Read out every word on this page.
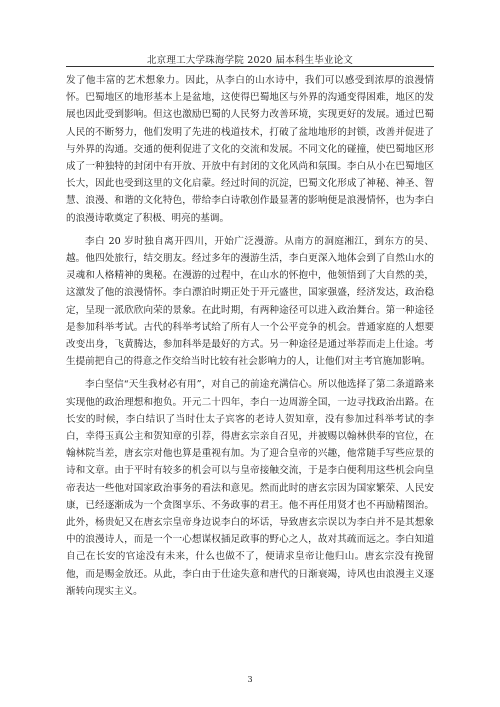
北京理工大学珠海学院 2020 届本科生毕业论文

发了他丰富的艺术想象力。因此，从李白的山水诗中，我们可以感受到浓厚的浪漫情怀。巴蜀地区的地形基本上是盆地，这使得巴蜀地区与外界的沟通变得困难，地区的发展也因此受到影响。但这也激励巴蜀的人民努力改善环境，实现更好的发展。通过巴蜀人民的不断努力，他们发明了先进的栈道技术，打破了盆地地形的封锁，改善并促进了与外界的沟通。交通的便利促进了文化的交流和发展。不同文化的碰撞，使巴蜀地区形成了一种独特的封闭中有开放、开放中有封闭的文化风尚和氛围。李白从小在巴蜀地区长大，因此也受到这里的文化启蒙。经过时间的沉淀，巴蜀文化形成了神秘、神圣、智慧、浪漫、和谐的文化特色，带给李白诗歌创作最显著的影响便是浪漫情怀，也为李白的浪漫诗歌奠定了积极、明亮的基调。

李白 20 岁时独自离开四川，开始广泛漫游。从南方的洞庭湘江，到东方的吴、越。他四处旅行，结交朋友。经过多年的漫游生活，李白更深入地体会到了自然山水的灵魂和人格精神的奥秘。在漫游的过程中，在山水的怀抱中，他领悟到了大自然的美，这激发了他的浪漫情怀。李白漂泊时期正处于开元盛世，国家强盛，经济发达，政治稳定，呈现一派欣欣向荣的景象。在此时期，有两种途径可以进入政治舞台。第一种途径是参加科举考试。古代的科举考试给了所有人一个公平竞争的机会。普通家庭的人想要改变出身，飞黄腾达，参加科举是最好的方式。另一种途径是通过举荐而走上仕途。考生提前把自己的得意之作交给当时比较有社会影响力的人，让他们对主考官施加影响。

李白坚信“天生我材必有用”，对自己的前途充满信心。所以他选择了第二条道路来实现他的政治理想和抱负。开元二十四年，李白一边周游全国，一边寻找政治出路。在长安的时候，李白结识了当时仕太子宾客的老诗人贺知章，没有参加过科举考试的李白，幸得玉真公主和贺知章的引荐，得唐玄宗亲自召见，并被赐以翰林供奉的官位，在翰林院当差，唐玄宗对他也算是重视有加。为了迎合皇帝的兴趣，他常随手写些应景的诗和文章。由于平时有较多的机会可以与皇帝接触交流，于是李白便利用这些机会向皇帝表达一些他对国家政治事务的看法和意见。然而此时的唐玄宗因为国家繁荣、人民安康，已经逐渐成为一个贪图享乐、不务政事的君王。他不再任用贤才也不再励精图治。此外，杨贵妃又在唐玄宗皇帝身边说李白的坏话，导致唐玄宗误以为李白并不是其想象中的浪漫诗人，而是一个一心想谋权插足政事的野心之人，故对其疏而远之。李白知道自己在长安的官途没有未来，什么也做不了，便请求皇帝让他归山。唐玄宗没有挽留他，而是赐金放还。从此，李白由于仕途失意和唐代的日渐衰竭，诗风也由浪漫主义逐渐转向现实主义。

3
